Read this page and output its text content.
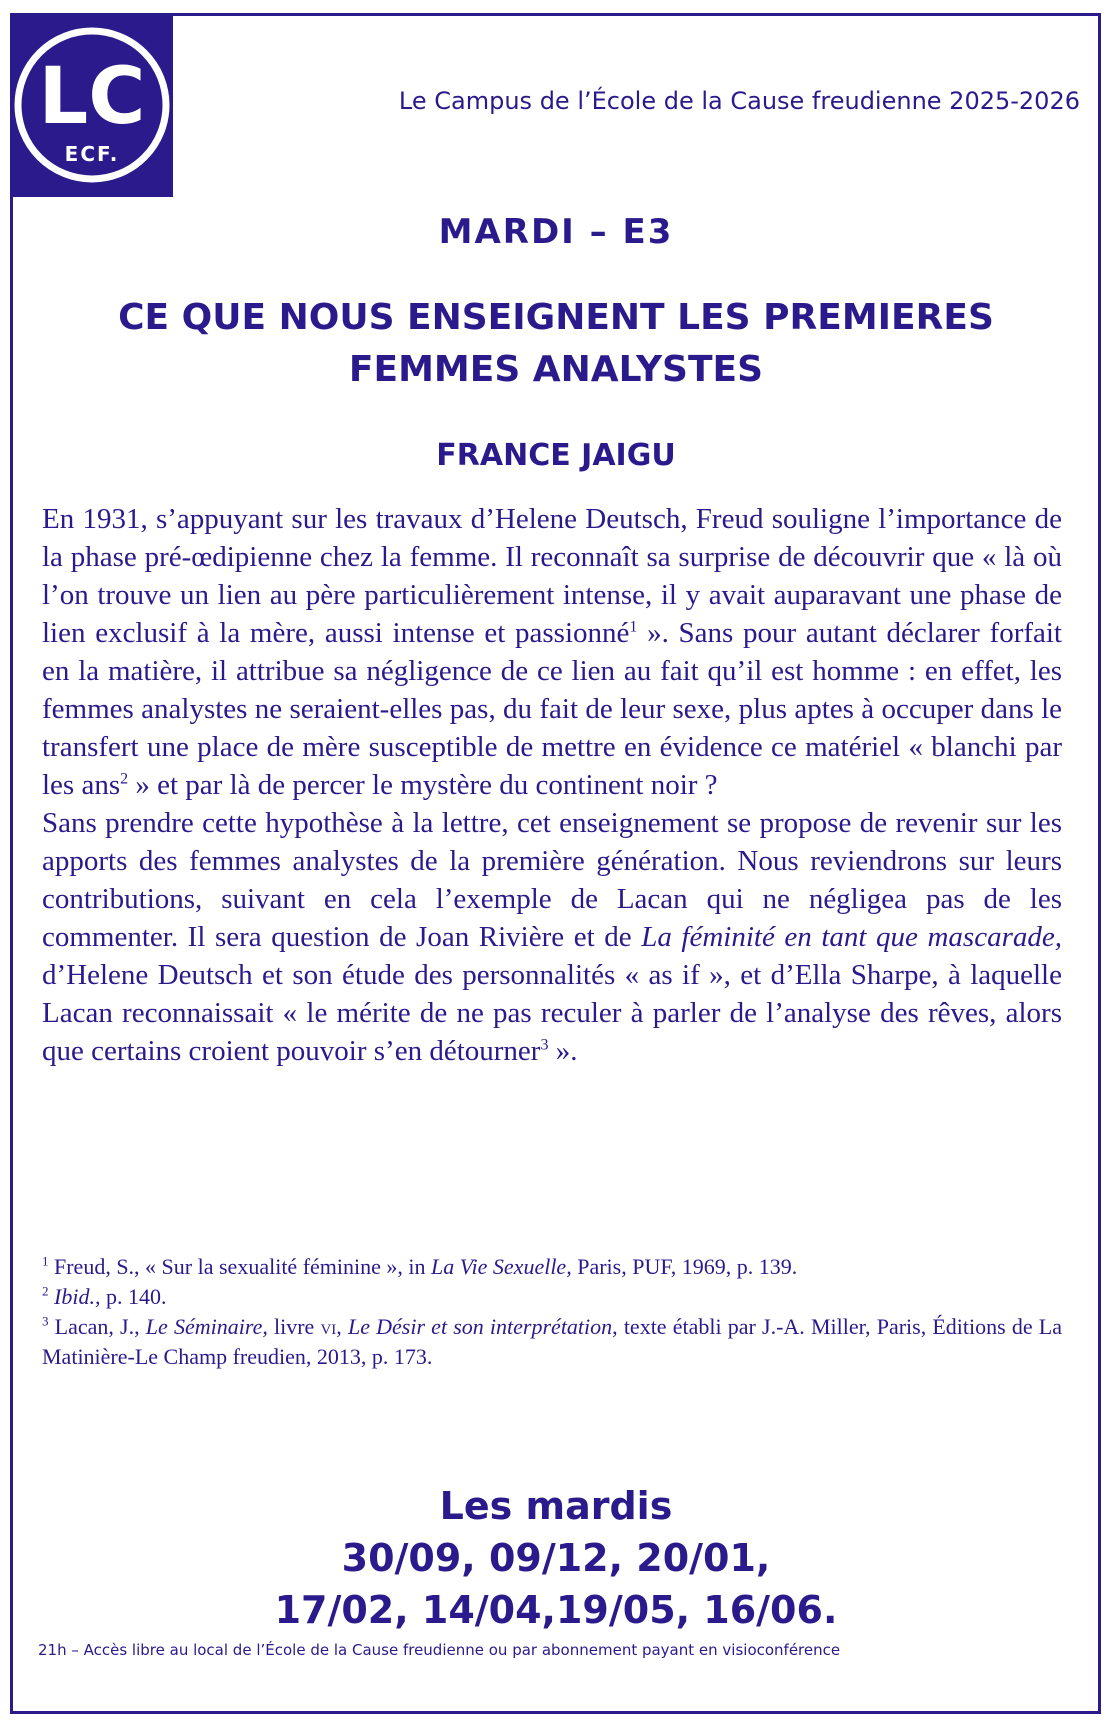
LC
ECF.
Le Campus de l’École de la Cause freudienne 2025-2026
MARDI – E3
CE QUE NOUS ENSEIGNENT LES PREMIERES FEMMES ANALYSTES
FRANCE JAIGU

En 1931, s’appuyant sur les travaux d’Helene Deutsch, Freud souligne l’importance de la phase pré-œdipienne chez la femme. Il reconnaît sa surprise de découvrir que « là où l’on trouve un lien au père particulièrement intense, il y avait auparavant une phase de lien exclusif à la mère, aussi intense et passionné$^1$ ». Sans pour autant déclarer forfait en la matière, il attribue sa négligence de ce lien au fait qu’il est homme : en effet, les femmes analystes ne seraient-elles pas, du fait de leur sexe, plus aptes à occuper dans le transfert une place de mère susceptible de mettre en évidence ce matériel « blanchi par les ans$^2$ » et par là de percer le mystère du continent noir ?

Sans prendre cette hypothèse à la lettre, cet enseignement se propose de revenir sur les apports des femmes analystes de la première génération. Nous reviendrons sur leurs contributions, suivant en cela l’exemple de Lacan qui ne négligea pas de les commenter. Il sera question de Joan Rivière et de La féminité en tant que mascarade, d’Helene Deutsch et son étude des personnalités « as if », et d’Ella Sharpe, à laquelle Lacan reconnaissait « le mérite de ne pas reculer à parler de l’analyse des rêves, alors que certains croient pouvoir s’en détourner$^3$ ».

$^1$ Freud, S., « Sur la sexualité féminine », in La Vie Sexuelle, Paris, PUF, 1969, p. 139.

$^2$ Ibid., p. 140.

$^3$ Lacan, J., Le Séminaire, livre vi, Le Désir et son interprétation, texte établi par J.-A. Miller, Paris, Éditions de La Matinière-Le Champ freudien, 2013, p. 173.

Les mardis
30/09, 09/12, 20/01,
17/02, 14/04,19/05, 16/06.
21h – Accès libre au local de l’École de la Cause freudienne ou par abonnement payant en visioconférence
